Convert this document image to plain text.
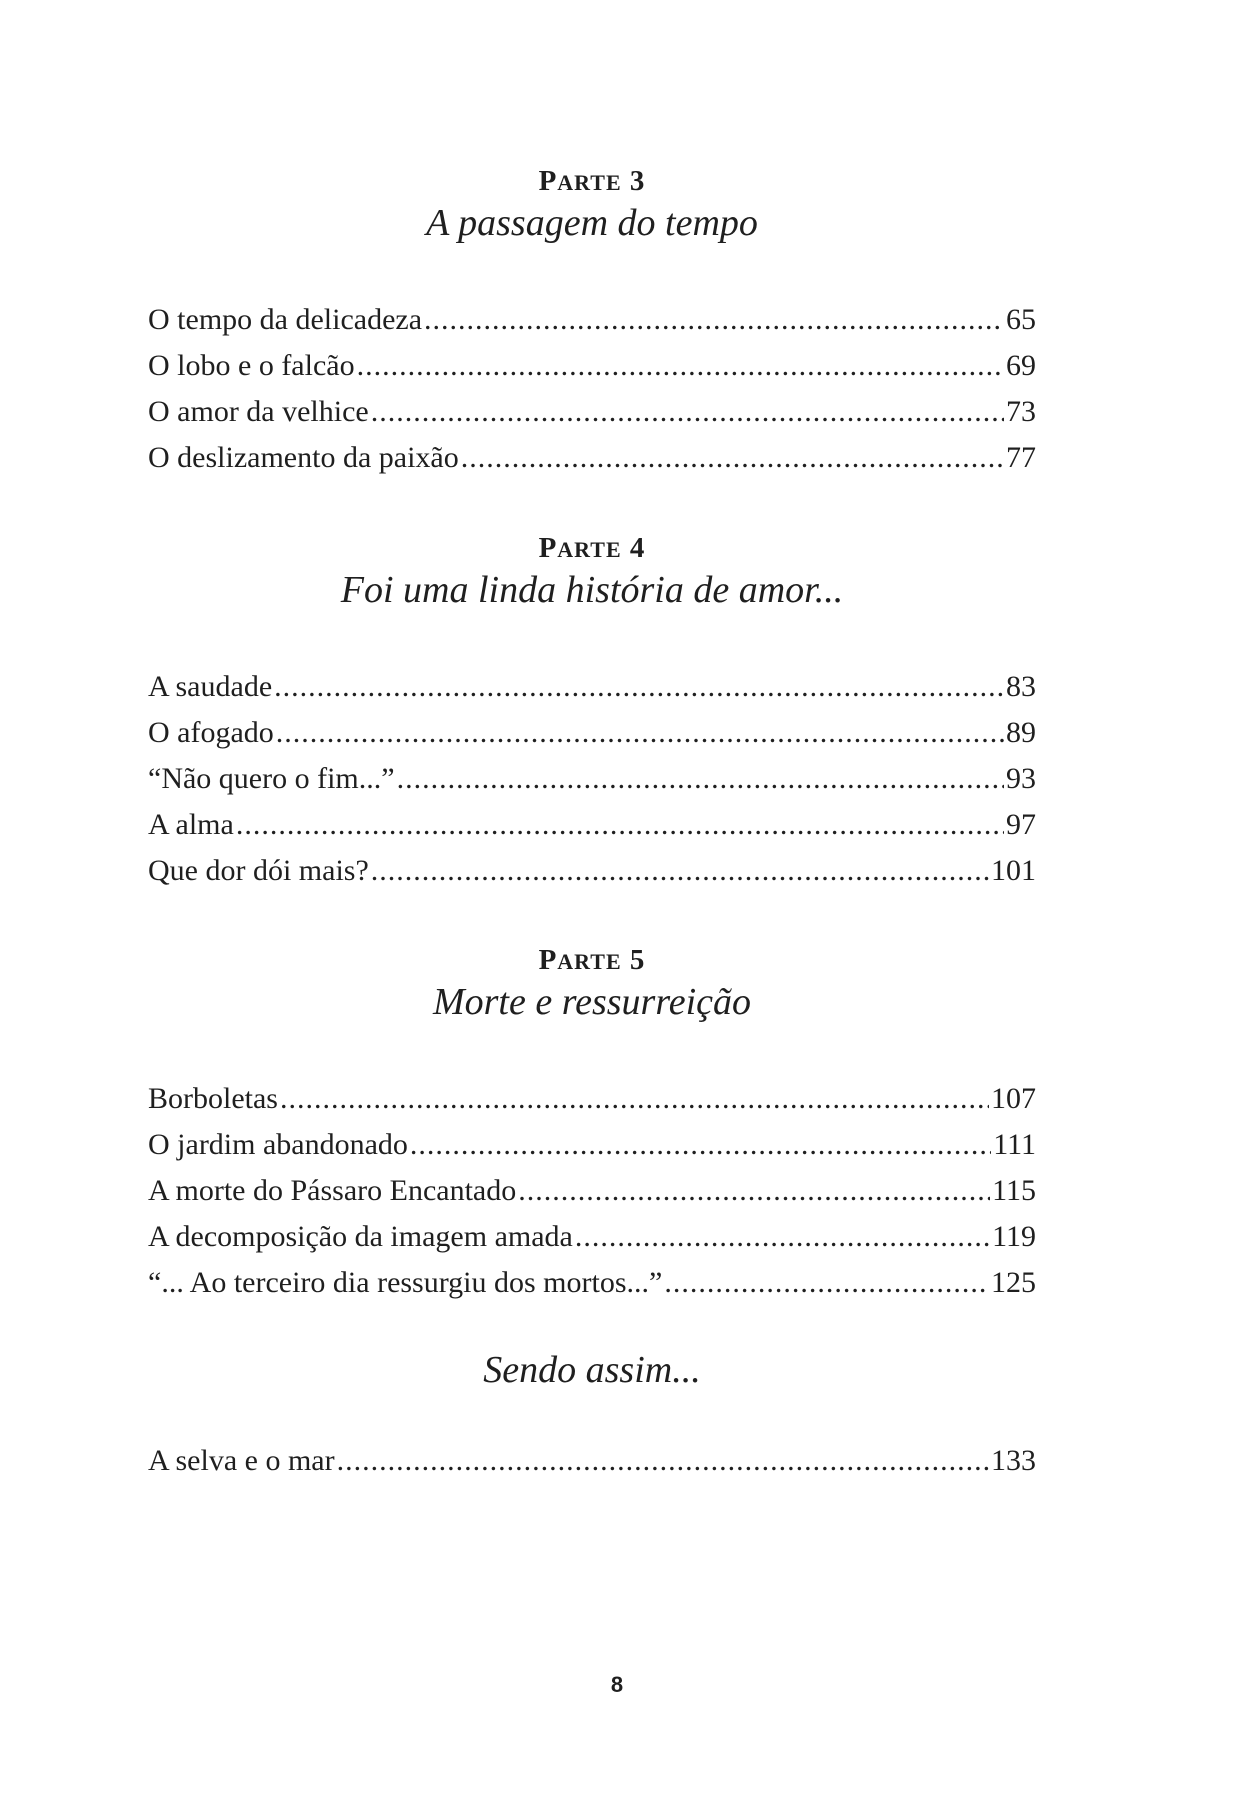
PARTE 3
A passagem do tempo
O tempo da delicadeza .....	65
O lobo e o falcão .....	69
O amor da velhice .....	73
O deslizamento da paixão .....	77
PARTE 4
Foi uma linda história de amor...
A saudade .....	83
O afogado .....	89
“Não quero o fim...” .....	93
A alma .....	97
Que dor dói mais? .....	101
PARTE 5
Morte e ressurreição
Borboletas .....	107
O jardim abandonado .....	111
A morte do Pássaro Encantado .....	115
A decomposição da imagem amada .....	119
“... Ao terceiro dia ressurgiu dos mortos...” .....	125
Sendo assim...
A selva e o mar .....	133
8
